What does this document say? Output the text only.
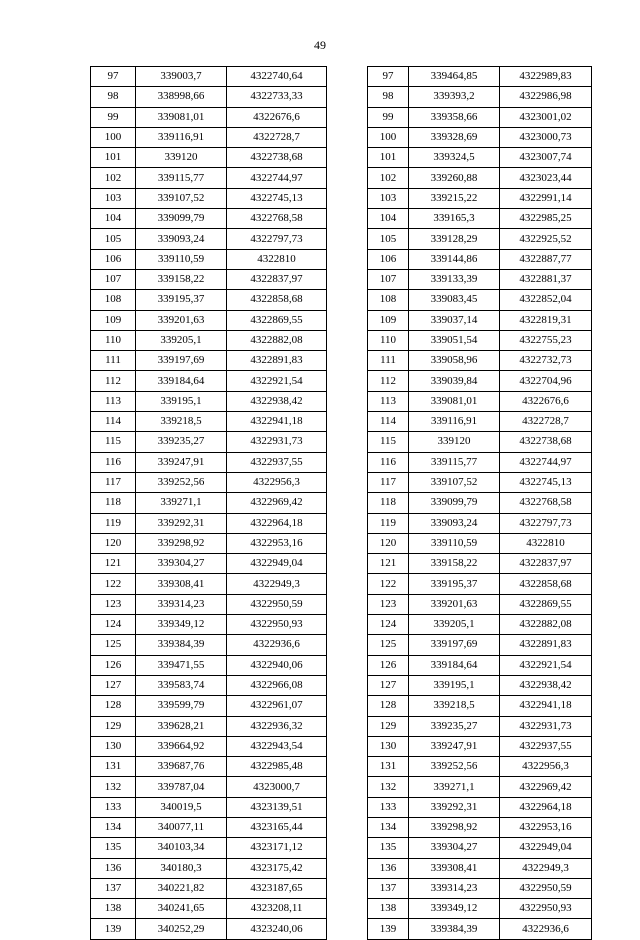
49
97	339003,7	4322740,64
98	338998,66	4322733,33
99	339081,01	4322676,6
100	339116,91	4322728,7
101	339120	4322738,68
102	339115,77	4322744,97
103	339107,52	4322745,13
104	339099,79	4322768,58
105	339093,24	4322797,73
106	339110,59	4322810
107	339158,22	4322837,97
108	339195,37	4322858,68
109	339201,63	4322869,55
110	339205,1	4322882,08
111	339197,69	4322891,83
112	339184,64	4322921,54
113	339195,1	4322938,42
114	339218,5	4322941,18
115	339235,27	4322931,73
116	339247,91	4322937,55
117	339252,56	4322956,3
118	339271,1	4322969,42
119	339292,31	4322964,18
120	339298,92	4322953,16
121	339304,27	4322949,04
122	339308,41	4322949,3
123	339314,23	4322950,59
124	339349,12	4322950,93
125	339384,39	4322936,6
126	339471,55	4322940,06
127	339583,74	4322966,08
128	339599,79	4322961,07
129	339628,21	4322936,32
130	339664,92	4322943,54
131	339687,76	4322985,48
132	339787,04	4323000,7
133	340019,5	4323139,51
134	340077,11	4323165,44
135	340103,34	4323171,12
136	340180,3	4323175,42
137	340221,82	4323187,65
138	340241,65	4323208,11
139	340252,29	4323240,06
97	339464,85	4322989,83
98	339393,2	4322986,98
99	339358,66	4323001,02
100	339328,69	4323000,73
101	339324,5	4323007,74
102	339260,88	4323023,44
103	339215,22	4322991,14
104	339165,3	4322985,25
105	339128,29	4322925,52
106	339144,86	4322887,77
107	339133,39	4322881,37
108	339083,45	4322852,04
109	339037,14	4322819,31
110	339051,54	4322755,23
111	339058,96	4322732,73
112	339039,84	4322704,96
113	339081,01	4322676,6
114	339116,91	4322728,7
115	339120	4322738,68
116	339115,77	4322744,97
117	339107,52	4322745,13
118	339099,79	4322768,58
119	339093,24	4322797,73
120	339110,59	4322810
121	339158,22	4322837,97
122	339195,37	4322858,68
123	339201,63	4322869,55
124	339205,1	4322882,08
125	339197,69	4322891,83
126	339184,64	4322921,54
127	339195,1	4322938,42
128	339218,5	4322941,18
129	339235,27	4322931,73
130	339247,91	4322937,55
131	339252,56	4322956,3
132	339271,1	4322969,42
133	339292,31	4322964,18
134	339298,92	4322953,16
135	339304,27	4322949,04
136	339308,41	4322949,3
137	339314,23	4322950,59
138	339349,12	4322950,93
139	339384,39	4322936,6
